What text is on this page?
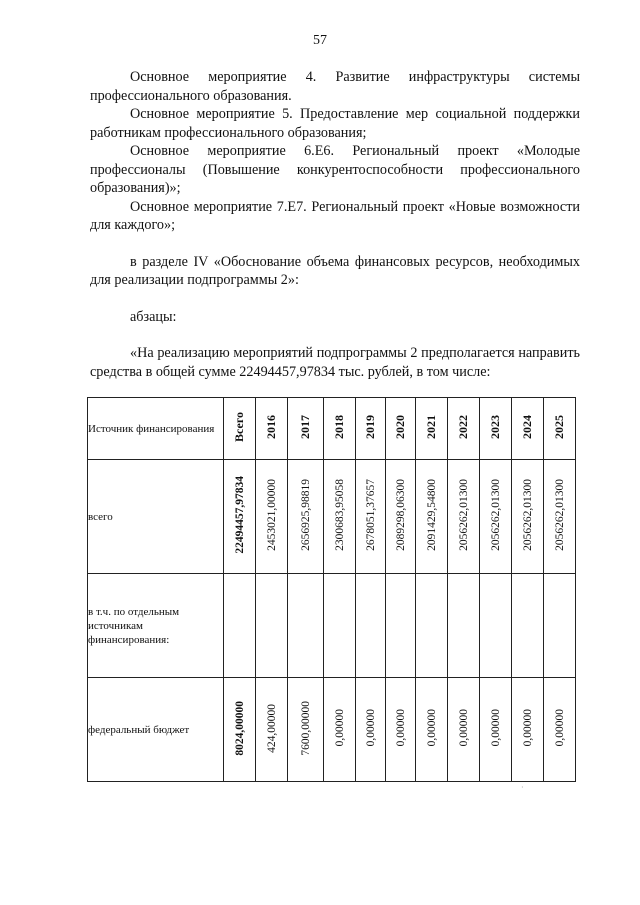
57

Основное мероприятие 4. Развитие инфраструктуры системы профессионального образования.

Основное мероприятие 5. Предоставление мер социальной поддержки работникам профессионального образования;

Основное мероприятие 6.Е6. Региональный проект «Молодые профессионалы (Повышение конкурентоспособности профессионального образования)»;

Основное мероприятие 7.Е7. Региональный проект «Новые возможности для каждого»;

в разделе IV «Обоснование объема финансовых ресурсов, необходимых для реализации подпрограммы 2»:

абзацы:

«На реализацию мероприятий подпрограммы 2 предполагается направить средства в общей сумме 22494457,97834 тыс. рублей, в том числе:

Источник финансирования	Всего	2016	2017	2018	2019	2020	2021	2022	2023	2024	2025
всего	22494457,97834	2453021,00000	2656925,98819	2300683,95058	2678051,37657	2089298,06300	2091429,54800	2056262,01300	2056262,01300	2056262,01300	2056262,01300
в т.ч. по отдельным источникам финансирования:											
федеральный бюджет	8024,00000	424,00000	7600,00000	0,00000	0,00000	0,00000	0,00000	0,00000	0,00000	0,00000	0,00000
·
